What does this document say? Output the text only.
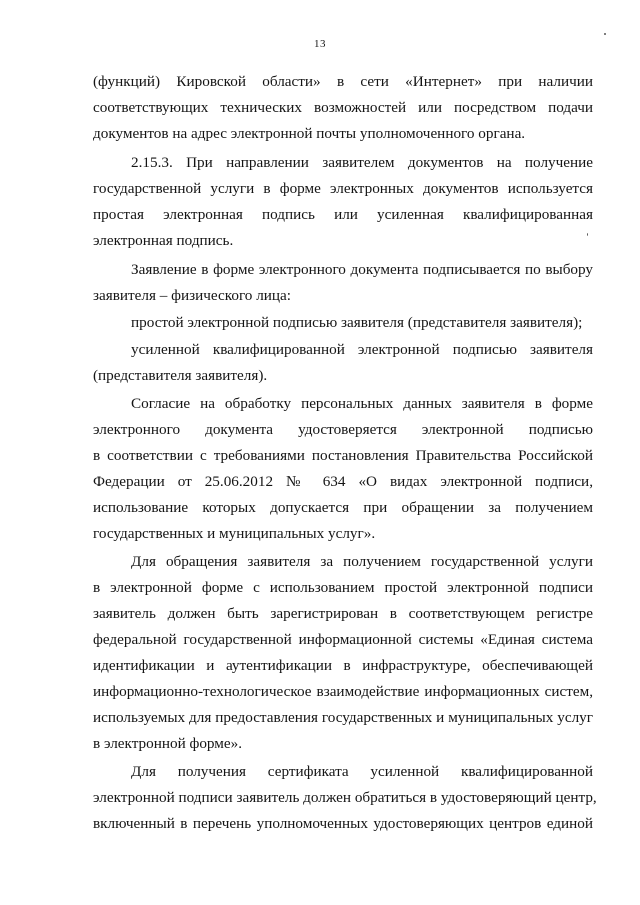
13
(функций) Кировской области» в сети «Интернет» при наличии
соответствующих технических возможностей или посредством подачи
документов на адрес электронной почты уполномоченного органа.
2.15.3. При направлении заявителем документов на получение
государственной услуги в форме электронных документов используется
простая электронная подпись или усиленная квалифицированная
электронная подпись.
Заявление в форме электронного документа подписывается по выбору
заявителя – физического лица:
простой электронной подписью заявителя (представителя заявителя);
усиленной квалифицированной электронной подписью заявителя
(представителя заявителя).
Согласие на обработку персональных данных заявителя в форме
электронного документа удостоверяется электронной подписью
в соответствии с требованиями постановления Правительства Российской
Федерации от 25.06.2012 № 634 «О видах электронной подписи,
использование которых допускается при обращении за получением
государственных и муниципальных услуг».
Для обращения заявителя за получением государственной услуги
в электронной форме с использованием простой электронной подписи
заявитель должен быть зарегистрирован в соответствующем регистре
федеральной государственной информационной системы «Единая система
идентификации и аутентификации в инфраструктуре, обеспечивающей
информационно-технологическое взаимодействие информационных систем,
используемых для предоставления государственных и муниципальных услуг
в электронной форме».
Для получения сертификата усиленной квалифицированной
электронной подписи заявитель должен обратиться в удостоверяющий центр,
включенный в перечень уполномоченных удостоверяющих центров единой
